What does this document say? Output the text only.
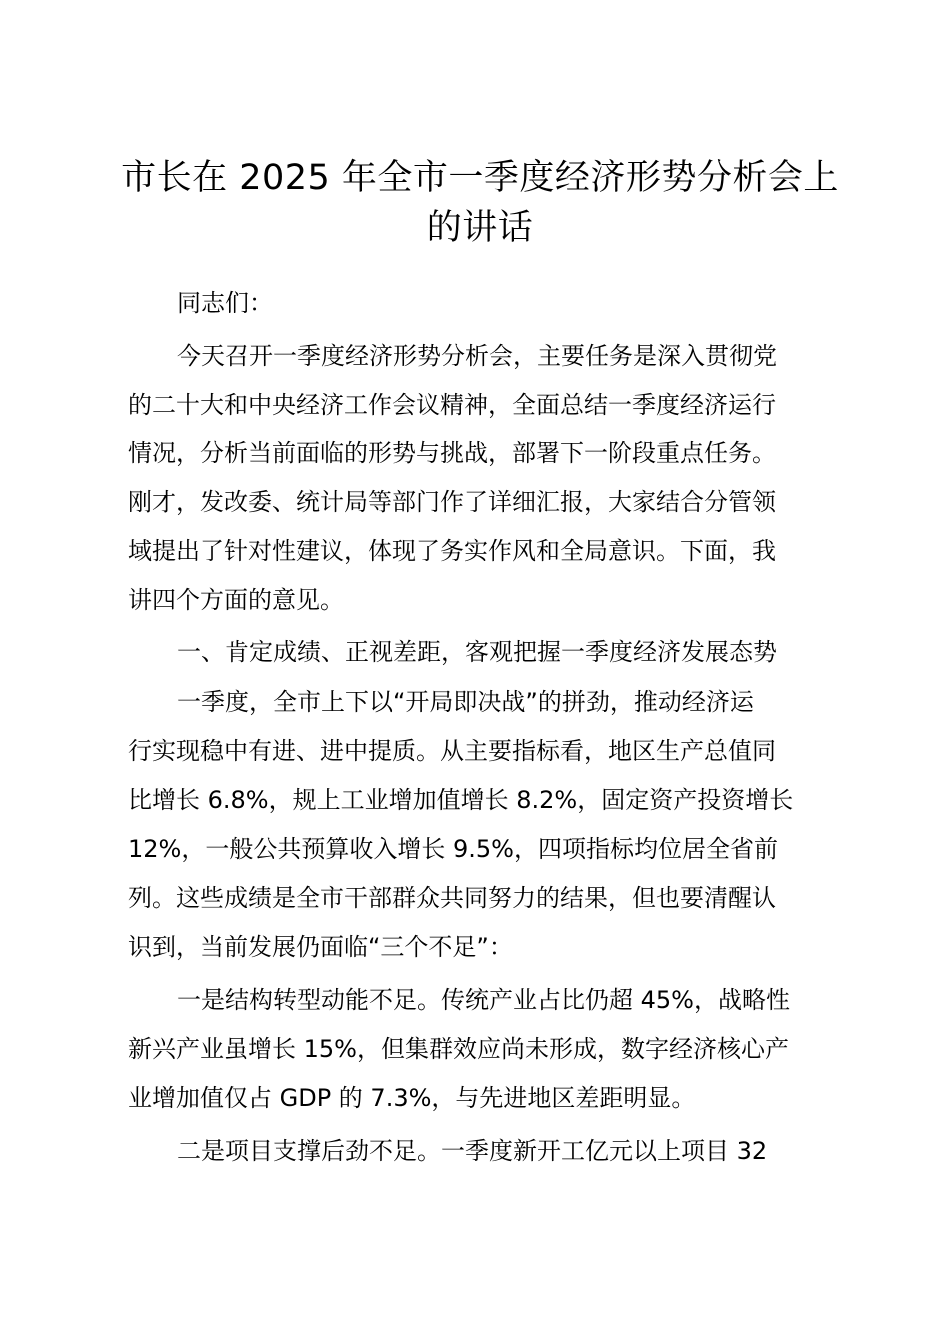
市长在 2025 年全市一季度经济形势分析会上
的讲话

同志们：

今天召开一季度经济形势分析会，主要任务是深入贯彻党

的二十大和中央经济工作会议精神，全面总结一季度经济运行

情况，分析当前面临的形势与挑战，部署下一阶段重点任务。

刚才，发改委、统计局等部门作了详细汇报，大家结合分管领

域提出了针对性建议，体现了务实作风和全局意识。下面，我

讲四个方面的意见。

一、肯定成绩、正视差距，客观把握一季度经济发展态势

一季度，全市上下以“开局即决战”的拼劲，推动经济运

行实现稳中有进、进中提质。从主要指标看，地区生产总值同

比增长 6.8%，规上工业增加值增长 8.2%，固定资产投资增长

12%，一般公共预算收入增长 9.5%，四项指标均位居全省前

列。这些成绩是全市干部群众共同努力的结果，但也要清醒认

识到，当前发展仍面临“三个不足”：

一是结构转型动能不足。传统产业占比仍超 45%，战略性

新兴产业虽增长 15%，但集群效应尚未形成，数字经济核心产

业增加值仅占 GDP 的 7.3%，与先进地区差距明显。

二是项目支撑后劲不足。一季度新开工亿元以上项目 32
